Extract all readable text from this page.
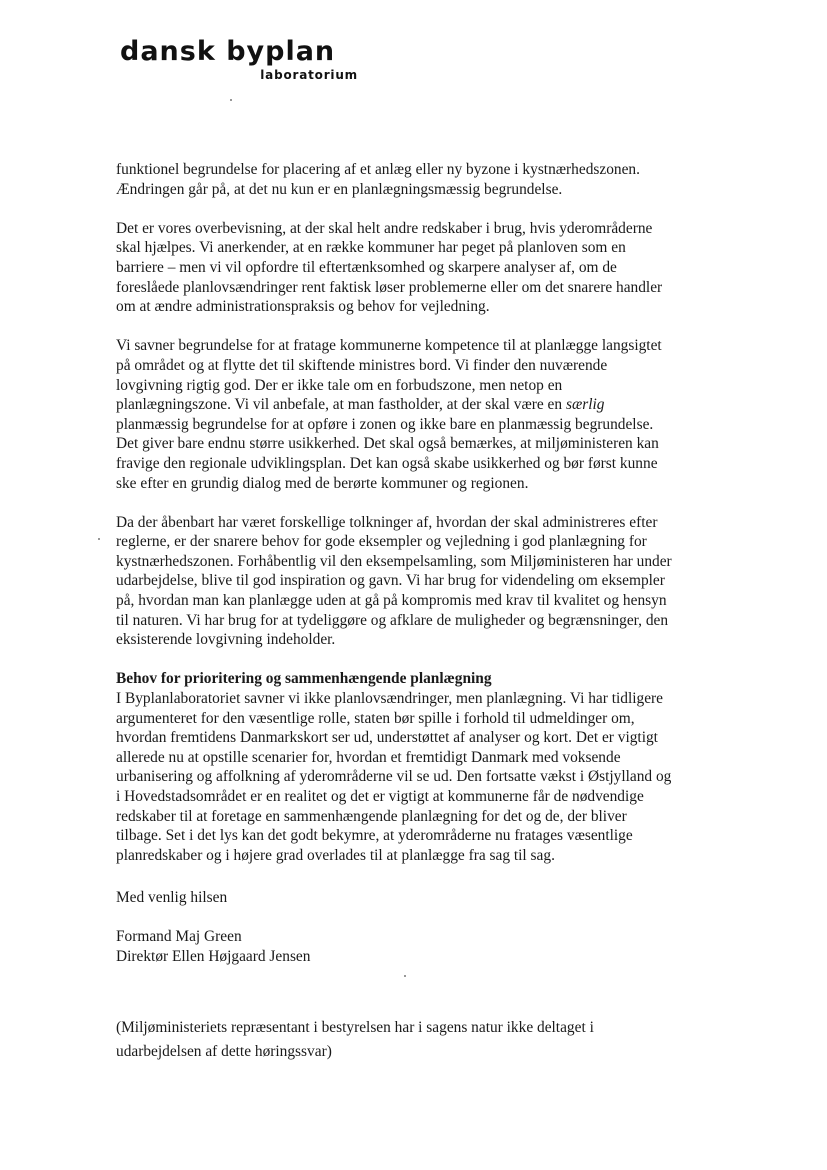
dansk byplan
laboratorium
funktionel begrundelse for placering af et anlæg eller ny byzone i kystnærhedszonen.
Ændringen går på, at det nu kun er en planlægningsmæssig begrundelse.
Det er vores overbevisning, at der skal helt andre redskaber i brug, hvis yderområderne
skal hjælpes. Vi anerkender, at en række kommuner har peget på planloven som en
barriere – men vi vil opfordre til eftertænksomhed og skarpere analyser af, om de
foreslåede planlovsændringer rent faktisk løser problemerne eller om det snarere handler
om at ændre administrationspraksis og behov for vejledning.
Vi savner begrundelse for at fratage kommunerne kompetence til at planlægge langsigtet
på området og at flytte det til skiftende ministres bord. Vi finder den nuværende
lovgivning rigtig god. Der er ikke tale om en forbudszone, men netop en
planlægningszone. Vi vil anbefale, at man fastholder, at der skal være en særlig
planmæssig begrundelse for at opføre i zonen og ikke bare en planmæssig begrundelse.
Det giver bare endnu større usikkerhed. Det skal også bemærkes, at miljøministeren kan
fravige den regionale udviklingsplan. Det kan også skabe usikkerhed og bør først kunne
ske efter en grundig dialog med de berørte kommuner og regionen.
Da der åbenbart har været forskellige tolkninger af, hvordan der skal administreres efter
reglerne, er der snarere behov for gode eksempler og vejledning i god planlægning for
kystnærhedszonen. Forhåbentlig vil den eksempelsamling, som Miljøministeren har under
udarbejdelse, blive til god inspiration og gavn. Vi har brug for videndeling om eksempler
på, hvordan man kan planlægge uden at gå på kompromis med krav til kvalitet og hensyn
til naturen. Vi har brug for at tydeliggøre og afklare de muligheder og begrænsninger, den
eksisterende lovgivning indeholder.
Behov for prioritering og sammenhængende planlægning
I Byplanlaboratoriet savner vi ikke planlovsændringer, men planlægning. Vi har tidligere
argumenteret for den væsentlige rolle, staten bør spille i forhold til udmeldinger om,
hvordan fremtidens Danmarkskort ser ud, understøttet af analyser og kort. Det er vigtigt
allerede nu at opstille scenarier for, hvordan et fremtidigt Danmark med voksende
urbanisering og affolkning af yderområderne vil se ud. Den fortsatte vækst i Østjylland og
i Hovedstadsområdet er en realitet og det er vigtigt at kommunerne får de nødvendige
redskaber til at foretage en sammenhængende planlægning for det og de, der bliver
tilbage. Set i det lys kan det godt bekymre, at yderområderne nu fratages væsentlige
planredskaber og i højere grad overlades til at planlægge fra sag til sag.
Med venlig hilsen
Formand Maj Green
Direktør Ellen Højgaard Jensen
(Miljøministeriets repræsentant i bestyrelsen har i sagens natur ikke deltaget i
udarbejdelsen af dette høringssvar)
